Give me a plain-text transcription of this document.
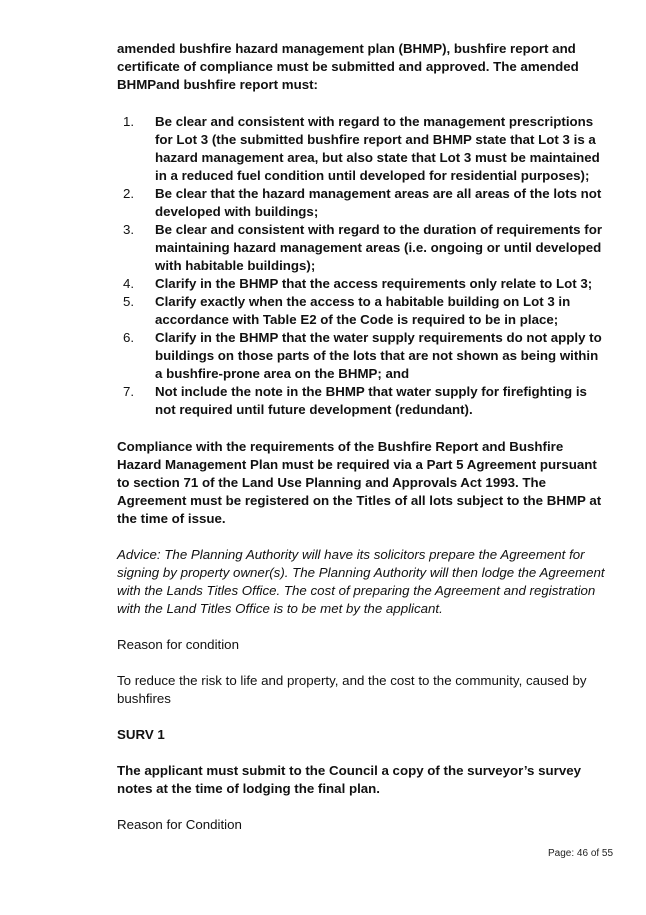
amended bushfire hazard management plan (BHMP), bushfire report and certificate of compliance must be submitted and approved. The amended BHMPand bushfire report must:

1. Be clear and consistent with regard to the management prescriptions for Lot 3 (the submitted bushfire report and BHMP state that Lot 3 is a hazard management area, but also state that Lot 3 must be maintained in a reduced fuel condition until developed for residential purposes);
2. Be clear that the hazard management areas are all areas of the lots not developed with buildings;
3. Be clear and consistent with regard to the duration of requirements for maintaining hazard management areas (i.e. ongoing or until developed with habitable buildings);
4. Clarify in the BHMP that the access requirements only relate to Lot 3;
5. Clarify exactly when the access to a habitable building on Lot 3 in accordance with Table E2 of the Code is required to be in place;
6. Clarify in the BHMP that the water supply requirements do not apply to buildings on those parts of the lots that are not shown as being within a bushfire-prone area on the BHMP; and
7. Not include the note in the BHMP that water supply for firefighting is not required until future development (redundant).

Compliance with the requirements of the Bushfire Report and Bushfire Hazard Management Plan must be required via a Part 5 Agreement pursuant to section 71 of the Land Use Planning and Approvals Act 1993. The Agreement must be registered on the Titles of all lots subject to the BHMP at the time of issue.

Advice: The Planning Authority will have its solicitors prepare the Agreement for signing by property owner(s). The Planning Authority will then lodge the Agreement with the Lands Titles Office. The cost of preparing the Agreement and registration with the Land Titles Office is to be met by the applicant.

Reason for condition

To reduce the risk to life and property, and the cost to the community, caused by bushfires

SURV 1

The applicant must submit to the Council a copy of the surveyor’s survey notes at the time of lodging the final plan.

Reason for Condition

Page: 46 of 55
